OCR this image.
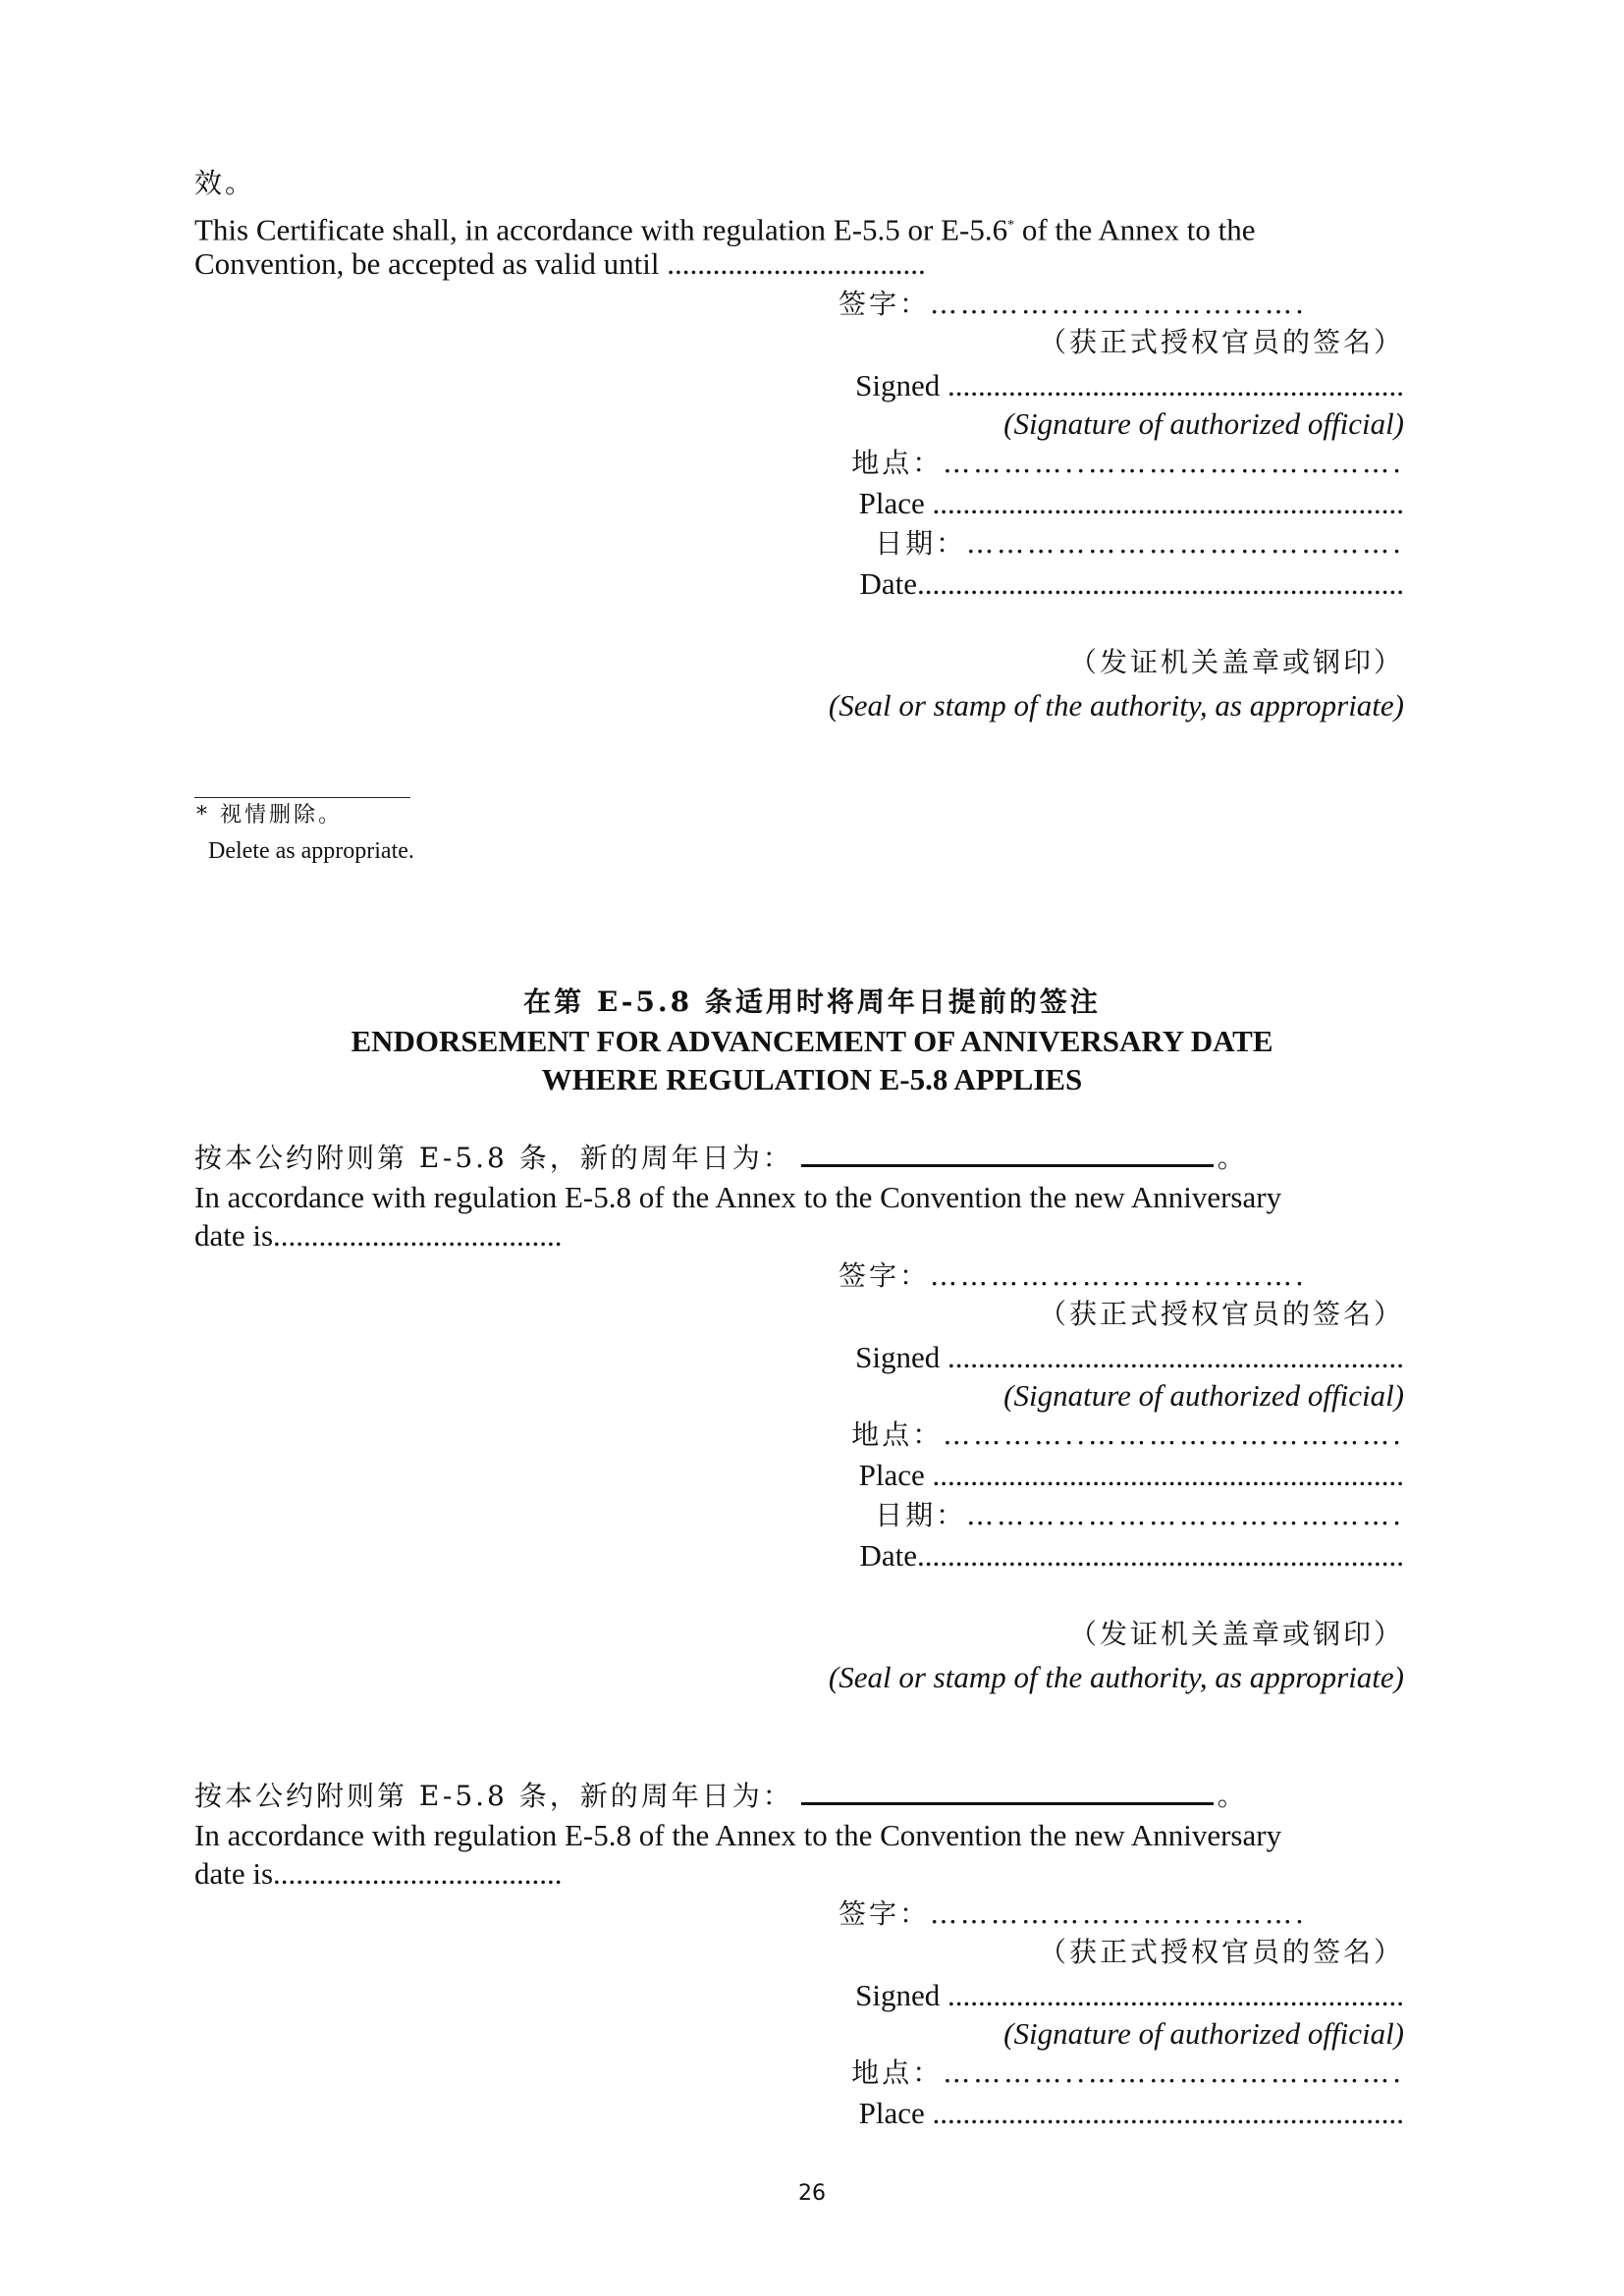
效。
This Certificate shall, in accordance with regulation E-5.5 or E-5.6* of the Annex to the
Convention, be accepted as valid until ..................................
签字：……………………………….
（获正式授权官员的签名）
Signed ............................................................
(Signature of authorized official)
地点：…………..………………………….
Place ..............................................................
日期：…………………………………….
Date................................................................
（发证机关盖章或钢印）
(Seal or stamp of the authority, as appropriate)
* 视情删除。
Delete as appropriate.
在第 E-5.8 条适用时将周年日提前的签注
ENDORSEMENT FOR ADVANCEMENT OF ANNIVERSARY DATE
WHERE REGULATION E-5.8 APPLIES
按本公约附则第 E-5.8 条，新的周年日为：	。
In accordance with regulation E-5.8 of the Annex to the Convention the new Anniversary
date is......................................
签字：……………………………….
（获正式授权官员的签名）
Signed ............................................................
(Signature of authorized official)
地点：…………..………………………….
Place ..............................................................
日期：…………………………………….
Date................................................................
（发证机关盖章或钢印）
(Seal or stamp of the authority, as appropriate)
按本公约附则第 E-5.8 条，新的周年日为：	。
In accordance with regulation E-5.8 of the Annex to the Convention the new Anniversary
date is......................................
签字：……………………………….
（获正式授权官员的签名）
Signed ............................................................
(Signature of authorized official)
地点：…………..………………………….
Place ..............................................................
26
